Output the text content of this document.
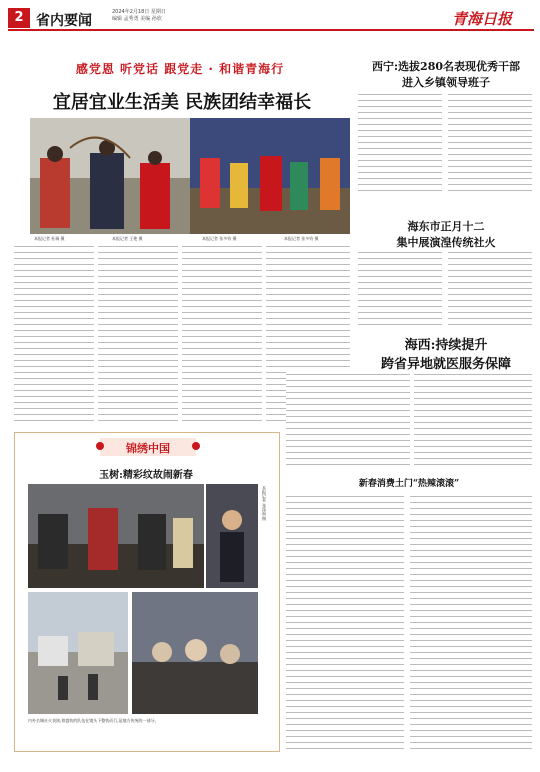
2 省内要闻
2024年2月18日 星期日
编辑 孟秀勇 美编 孙欣	青海日报
感党恩 听党话 跟党走 · 和谐青海行
宜居宜业生活美 民族团结幸福长
本报记者 杜瑞 摄	本报记者 王艳 摄	本报记者 张多钧 摄	本报记者 张多钧 摄
西宁:选拔280名表现优秀干部
进入乡镇领导班子
海东市正月十二
集中展演湟传统社火
海西:持续提升
跨省异地就医服务保障
锦绣中国
玉树:精彩纹故闹新春
本报记者 张添福 摄
内外名城社火表演,着盛装的队伍在镜头下整装而行,是地方传统的一部分。
新春消费土门“热辣滚滚”
